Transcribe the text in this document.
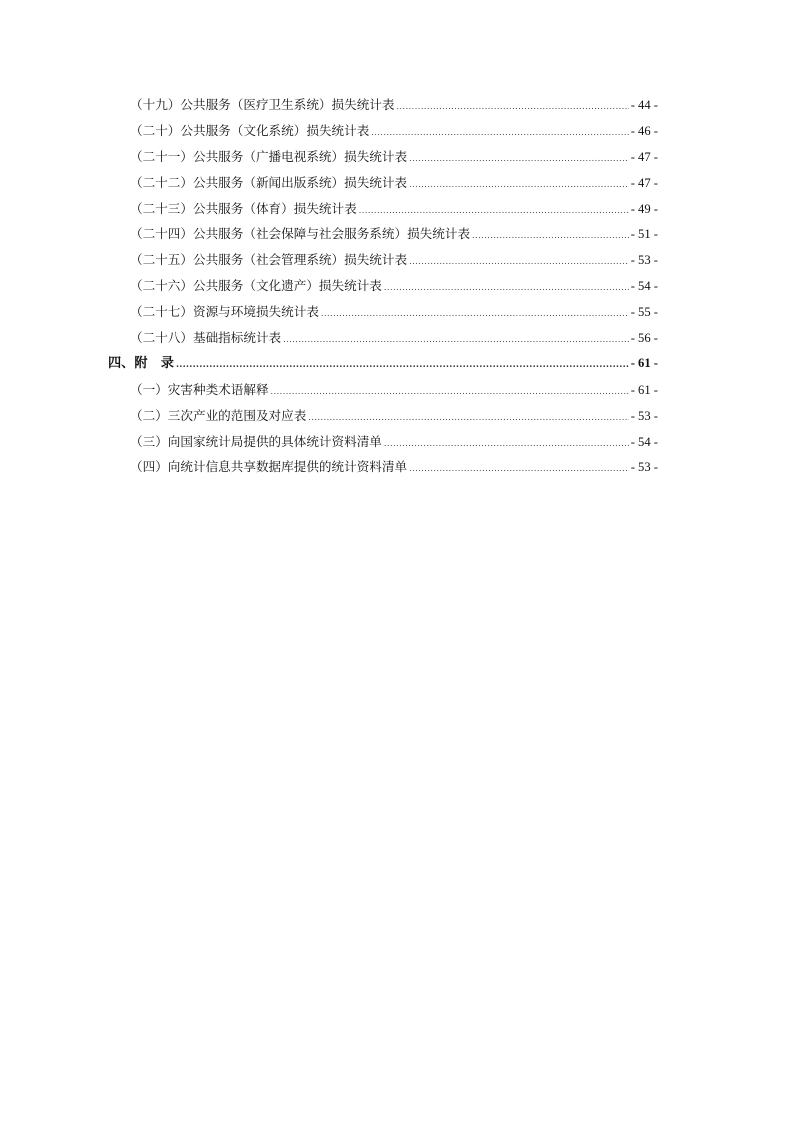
（十九）公共服务（医疗卫生系统）损失统计表 .....	- 44 -
（二十）公共服务（文化系统）损失统计表 .....	- 46 -
（二十一）公共服务（广播电视系统）损失统计表 .....	- 47 -
（二十二）公共服务（新闻出版系统）损失统计表 .....	- 47 -
（二十三）公共服务（体育）损失统计表 .....	- 49 -
（二十四）公共服务（社会保障与社会服务系统）损失统计表 .....	- 51 -
（二十五）公共服务（社会管理系统）损失统计表 .....	- 53 -
（二十六）公共服务（文化遗产）损失统计表 .....	- 54 -
（二十七）资源与环境损失统计表 .....	- 55 -
（二十八）基础指标统计表 .....	- 56 -
四、附　录 .....	- 61 -
（一）灾害种类术语解释 .....	- 61 -
（二）三次产业的范围及对应表 .....	- 53 -
（三）向国家统计局提供的具体统计资料清单 .....	- 54 -
（四）向统计信息共享数据库提供的统计资料清单 .....	- 53 -
